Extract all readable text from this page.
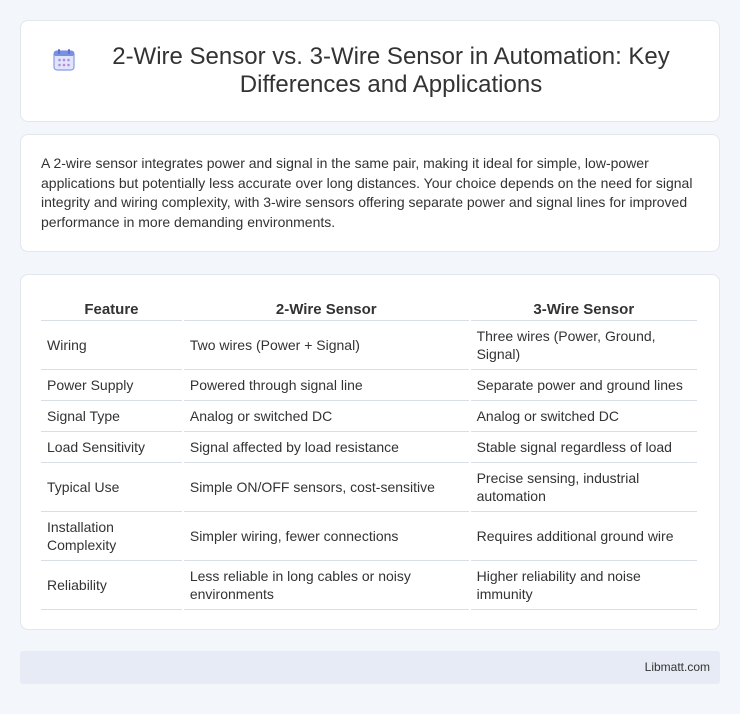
2-Wire Sensor vs. 3-Wire Sensor in Automation: Key Differences and Applications

A 2-wire sensor integrates power and signal in the same pair, making it ideal for simple, low-power applications but potentially less accurate over long distances. Your choice depends on the need for signal integrity and wiring complexity, with 3-wire sensors offering separate power and signal lines for improved performance in more demanding environments.

Feature	2-Wire Sensor	3-Wire Sensor
Wiring	Two wires (Power + Signal)	Three wires (Power, Ground, Signal)
Power Supply	Powered through signal line	Separate power and ground lines
Signal Type	Analog or switched DC	Analog or switched DC
Load Sensitivity	Signal affected by load resistance	Stable signal regardless of load
Typical Use	Simple ON/OFF sensors, cost-sensitive	Precise sensing, industrial automation
Installation Complexity	Simpler wiring, fewer connections	Requires additional ground wire
Reliability	Less reliable in long cables or noisy environments	Higher reliability and noise immunity
Libmatt.com
